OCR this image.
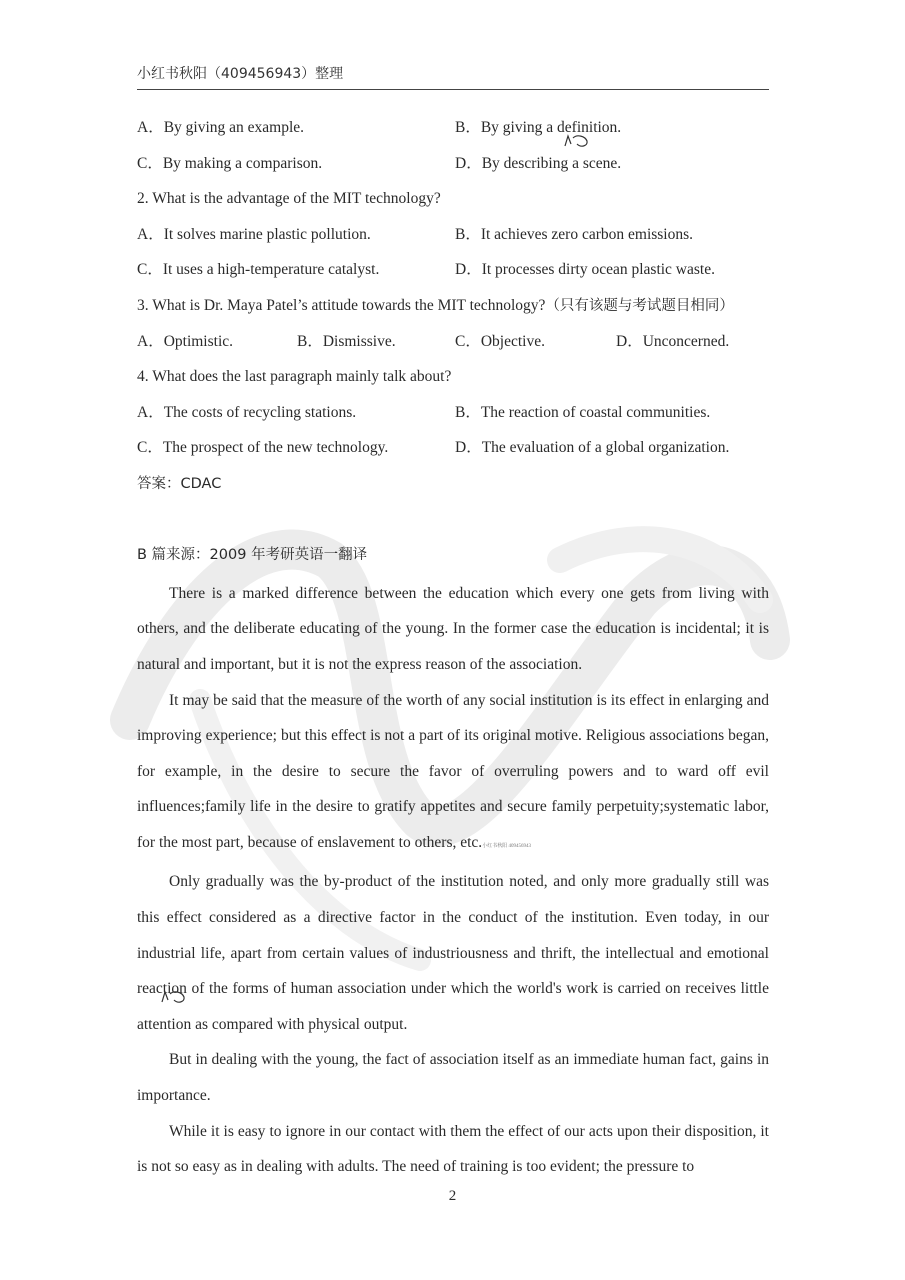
小红书秋阳（409456943）整理
A．By giving an example.	B．By giving a definition.
C．By making a comparison.	D．By describing a scene.
2. What is the advantage of the MIT technology?
A．It solves marine plastic pollution.	B．It achieves zero carbon emissions.
C．It uses a high-temperature catalyst.	D．It processes dirty ocean plastic waste.
3. What is Dr. Maya Patel’s attitude towards the MIT technology?（只有该题与考试题目相同）
A．Optimistic.	B．Dismissive.	C．Objective.	D．Unconcerned.
4. What does the last paragraph mainly talk about?
A．The costs of recycling stations.	B．The reaction of coastal communities.
C．The prospect of the new technology.	D．The evaluation of a global organization.
答案：CDAC
B 篇来源：2009 年考研英语一翻译

There is a marked difference between the education which every one gets from living with others, and the deliberate educating of the young. In the former case the education is incidental; it is natural and important, but it is not the express reason of the association.

It may be said that the measure of the worth of any social institution is its effect in enlarging and improving experience; but this effect is not a part of its original motive. Religious associations began, for example, in the desire to secure the favor of overruling powers and to ward off evil influences;family life in the desire to gratify appetites and secure family perpetuity;systematic labor, for the most part, because of enslavement to others, etc.小红书秋阳 409456943

Only gradually was the by-product of the institution noted, and only more gradually still was this effect considered as a directive factor in the conduct of the institution. Even today, in our industrial life, apart from certain values of industriousness and thrift, the intellectual and emotional reaction of the forms of human association under which the world's work is carried on receives little attention as compared with physical output.

But in dealing with the young, the fact of association itself as an immediate human fact, gains in importance.

While it is easy to ignore in our contact with them the effect of our acts upon their disposition, it is not so easy as in dealing with adults. The need of training is too evident; the pressure to

2
